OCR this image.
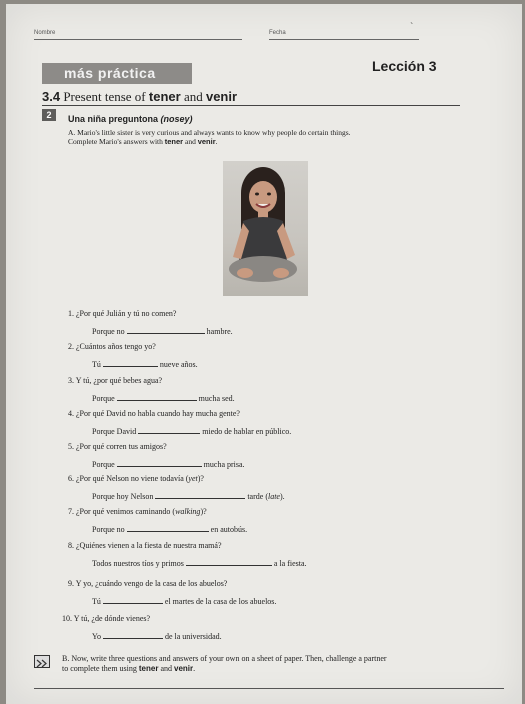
Nombre	Fecha	ˋ
más práctica	Lección 3
3.4 Present tense of tener and venir
2	Una niña preguntona (nosey)
A. Mario's little sister is very curious and always wants to know why people do certain things.
Complete Mario's answers with tener and venir.
1. ¿Por qué Julián y tú no comen?
Porque no	hambre.
2. ¿Cuántos años tengo yo?
Tú	nueve años.
3. Y tú, ¿por qué bebes agua?
Porque	mucha sed.
4. ¿Por qué David no habla cuando hay mucha gente?
Porque David	miedo de hablar en público.
5. ¿Por qué corren tus amigos?
Porque	mucha prisa.
6. ¿Por qué Nelson no viene todavía (yet)?
Porque hoy Nelson	tarde (late).
7. ¿Por qué venimos caminando (walking)?
Porque no	en autobús.
8. ¿Quiénes vienen a la fiesta de nuestra mamá?
Todos nuestros tíos y primos	a la fiesta.
9. Y yo, ¿cuándo vengo de la casa de los abuelos?
Tú	el martes de la casa de los abuelos.
10. Y tú, ¿de dónde vienes?
Yo	de la universidad.
B. Now, write three questions and answers of your own on a sheet of paper. Then, challenge a partner
to complete them using tener and venir.
